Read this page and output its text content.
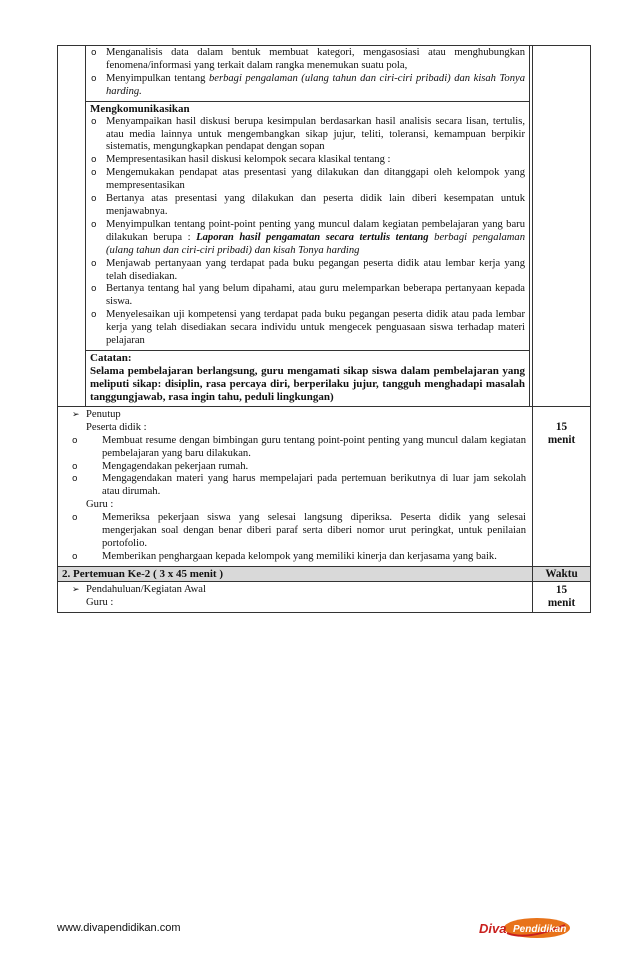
o Menganalisis data dalam bentuk membuat kategori, mengasosiasi atau menghubungkan fenomena/informasi yang terkait dalam rangka menemukan suatu pola,
o Menyimpulkan tentang berbagi pengalaman (ulang tahun dan ciri-ciri pribadi) dan kisah Tonya harding.
Mengkomunikasikan
o Menyampaikan hasil diskusi berupa kesimpulan berdasarkan hasil analisis secara lisan, tertulis, atau media lainnya untuk mengembangkan sikap jujur, teliti, toleransi, kemampuan berpikir sistematis, mengungkapkan pendapat dengan sopan
o Mempresentasikan hasil diskusi kelompok secara klasikal tentang :
o Mengemukakan pendapat atas presentasi yang dilakukan dan ditanggapi oleh kelompok yang mempresentasikan
o Bertanya atas presentasi yang dilakukan dan peserta didik lain diberi kesempatan untuk menjawabnya.
o Menyimpulkan tentang point-point penting yang muncul dalam kegiatan pembelajaran yang baru dilakukan berupa : Laporan hasil pengamatan secara tertulis tentang berbagi pengalaman (ulang tahun dan ciri-ciri pribadi) dan kisah Tonya harding
o Menjawab pertanyaan yang terdapat pada buku pegangan peserta didik atau lembar kerja yang telah disediakan.
o Bertanya tentang hal yang belum dipahami, atau guru melemparkan beberapa pertanyaan kepada siswa.
o Menyelesaikan uji kompetensi yang terdapat pada buku pegangan peserta didik atau pada lembar kerja yang telah disediakan secara individu untuk mengecek penguasaan siswa terhadap materi pelajaran
Catatan:
Selama pembelajaran berlangsung, guru mengamati sikap siswa dalam pembelajaran yang meliputi sikap: disiplin, rasa percaya diri, berperilaku jujur, tangguh menghadapi masalah tanggungjawab, rasa ingin tahu, peduli lingkungan)
➢ Penutup
Peserta didik :
o Membuat resume dengan bimbingan guru tentang point-point penting yang muncul dalam kegiatan pembelajaran yang baru dilakukan.
o Mengagendakan pekerjaan rumah.
o Mengagendakan materi yang harus mempelajari pada pertemuan berikutnya di luar jam sekolah atau dirumah.
Guru :
o Memeriksa pekerjaan siswa yang selesai langsung diperiksa. Peserta didik yang selesai mengerjakan soal dengan benar diberi paraf serta diberi nomor urut peringkat, untuk penilaian portofolio.
o Memberikan penghargaan kepada kelompok yang memiliki kinerja dan kerjasama yang baik.
15
menit
2. Pertemuan Ke-2 ( 3 x 45 menit )	Waktu
➢ Pendahuluan/Kegiatan Awal
Guru :
15
menit
www.divapendidikan.com	Diva Pendidikan
